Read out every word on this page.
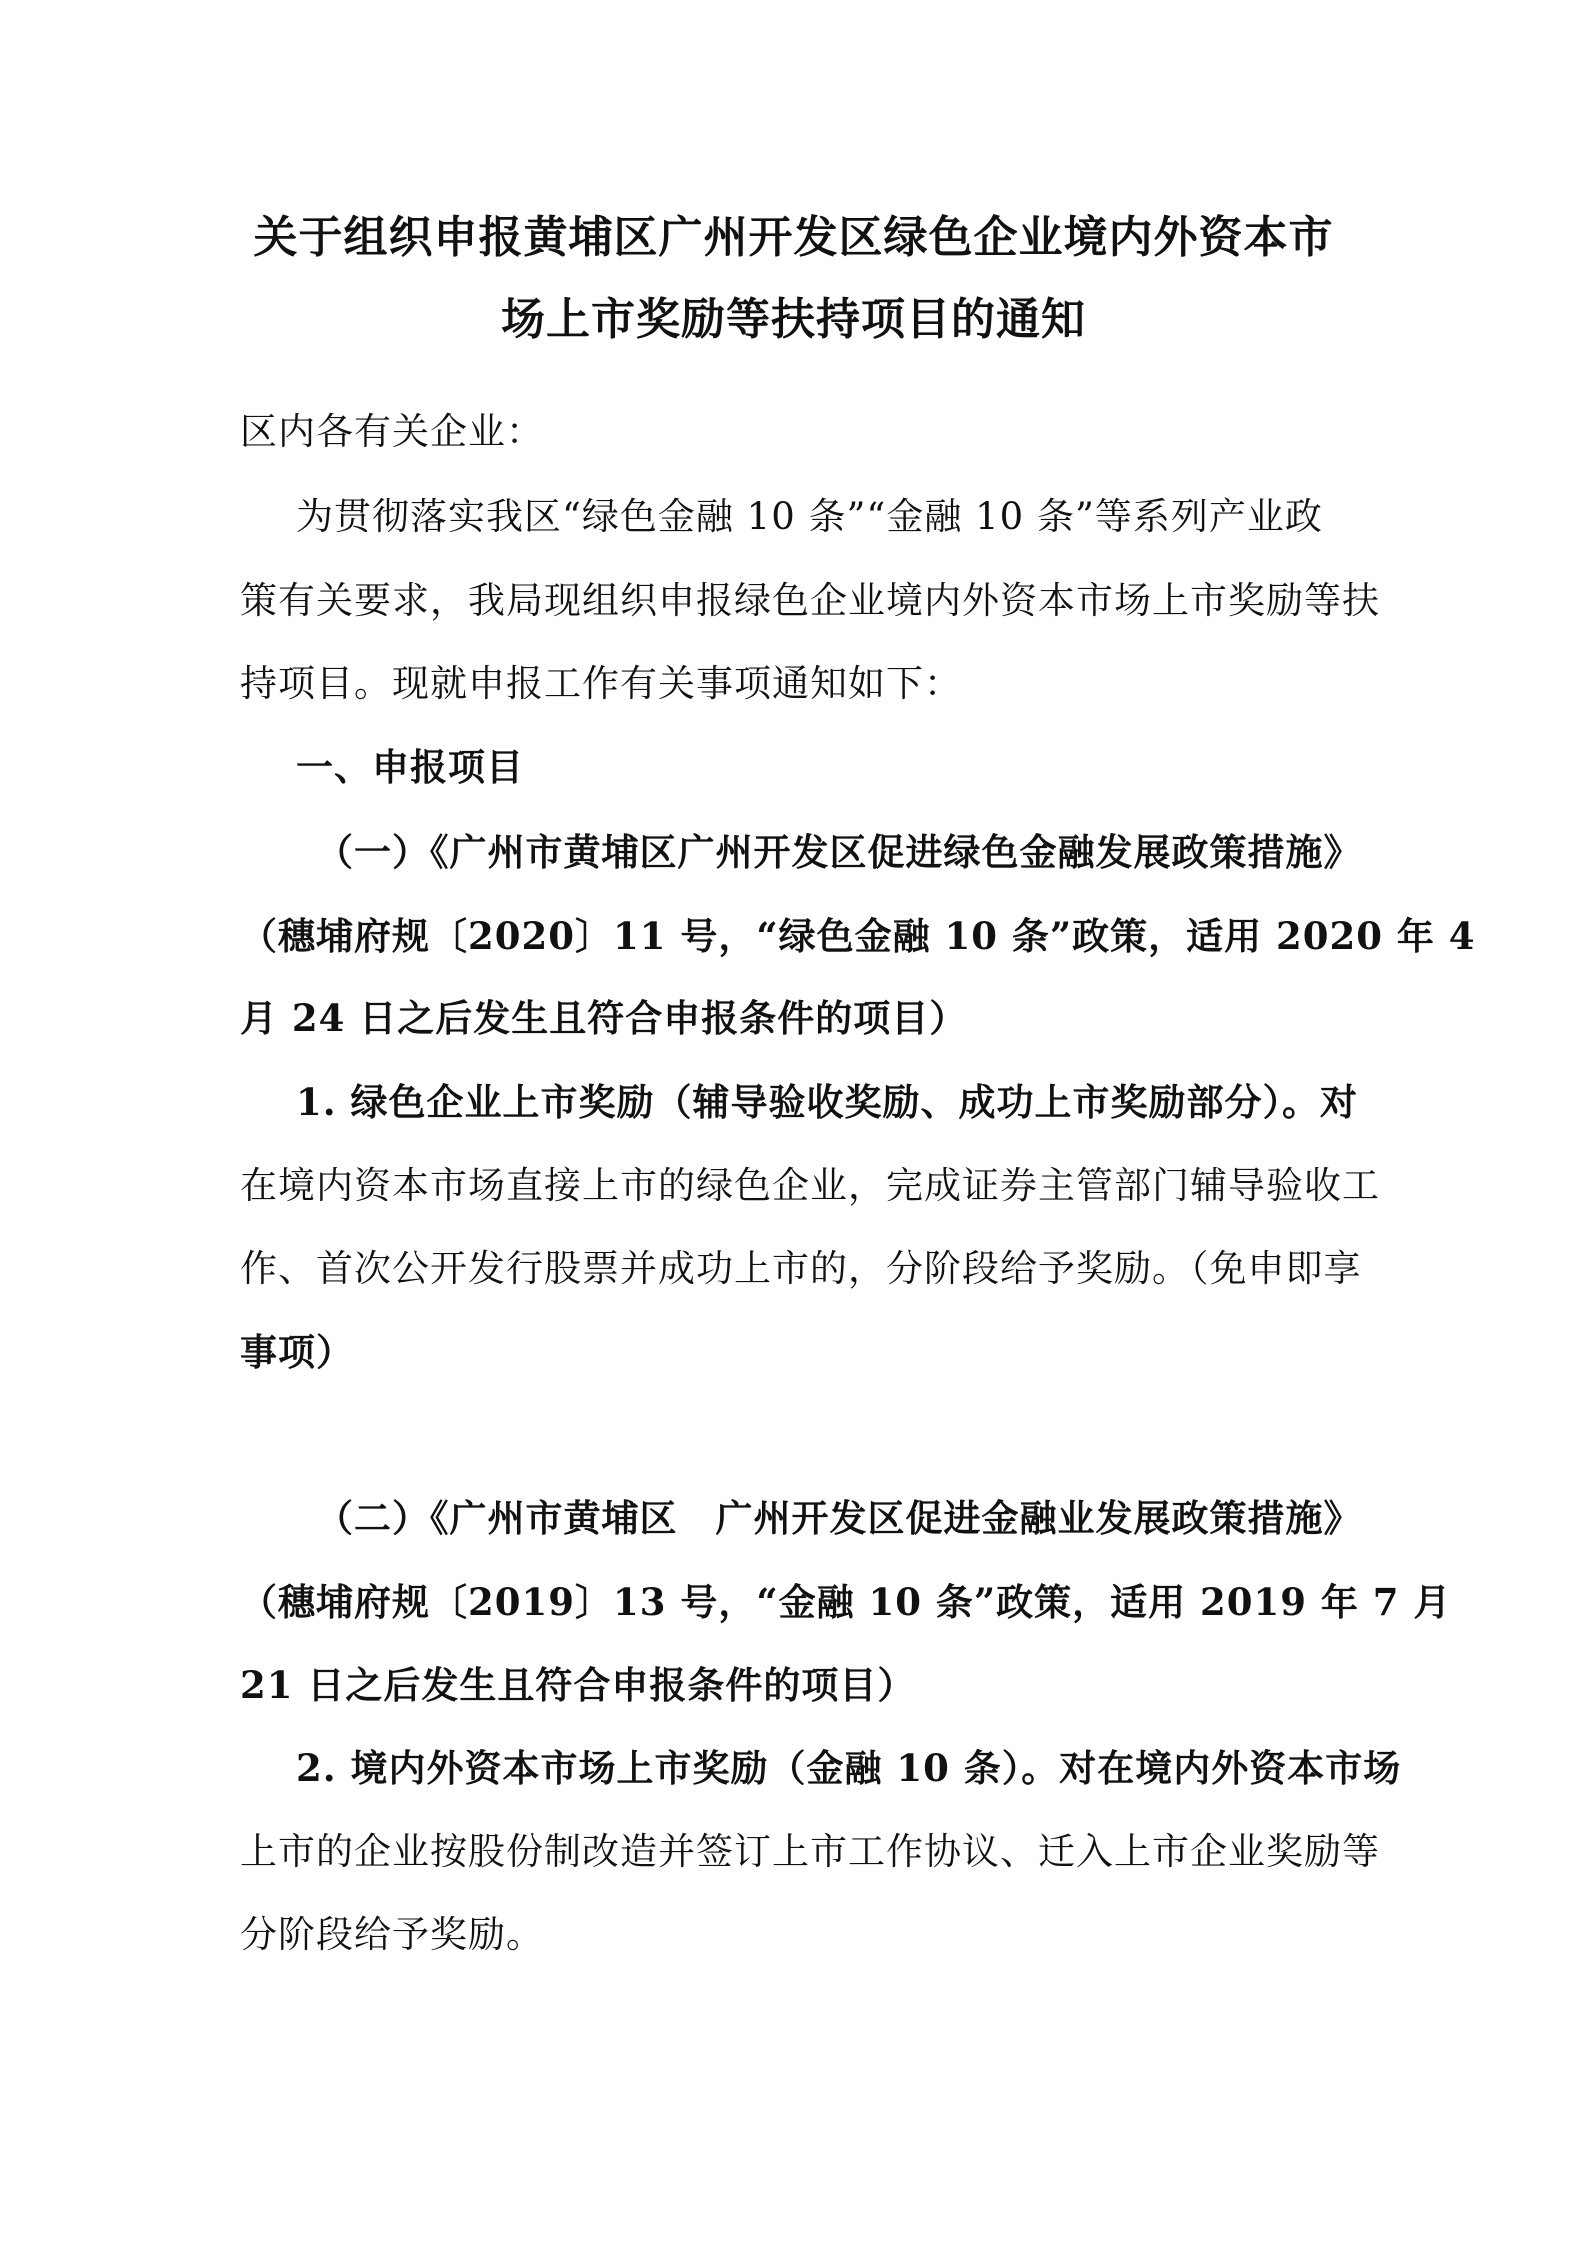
关于组织申报黄埔区广州开发区绿色企业境内外资本市
场上市奖励等扶持项目的通知
区内各有关企业：
为贯彻落实我区“绿色金融 10 条”“金融 10 条”等系列产业政
策有关要求，我局现组织申报绿色企业境内外资本市场上市奖励等扶
持项目。现就申报工作有关事项通知如下：
一、申报项目
（一）《广州市黄埔区广州开发区促进绿色金融发展政策措施》
（穗埔府规〔2020〕11 号，“绿色金融 10 条”政策，适用 2020 年 4
月 24 日之后发生且符合申报条件的项目）
1. 绿色企业上市奖励（辅导验收奖励、成功上市奖励部分）。对
在境内资本市场直接上市的绿色企业，完成证券主管部门辅导验收工
作、首次公开发行股票并成功上市的，分阶段给予奖励。（免申即享
事项）
（二）《广州市黄埔区　广州开发区促进金融业发展政策措施》
（穗埔府规〔2019〕13 号，“金融 10 条”政策，适用 2019 年 7 月
21 日之后发生且符合申报条件的项目）
2. 境内外资本市场上市奖励（金融 10 条）。对在境内外资本市场
上市的企业按股份制改造并签订上市工作协议、迁入上市企业奖励等
分阶段给予奖励。
